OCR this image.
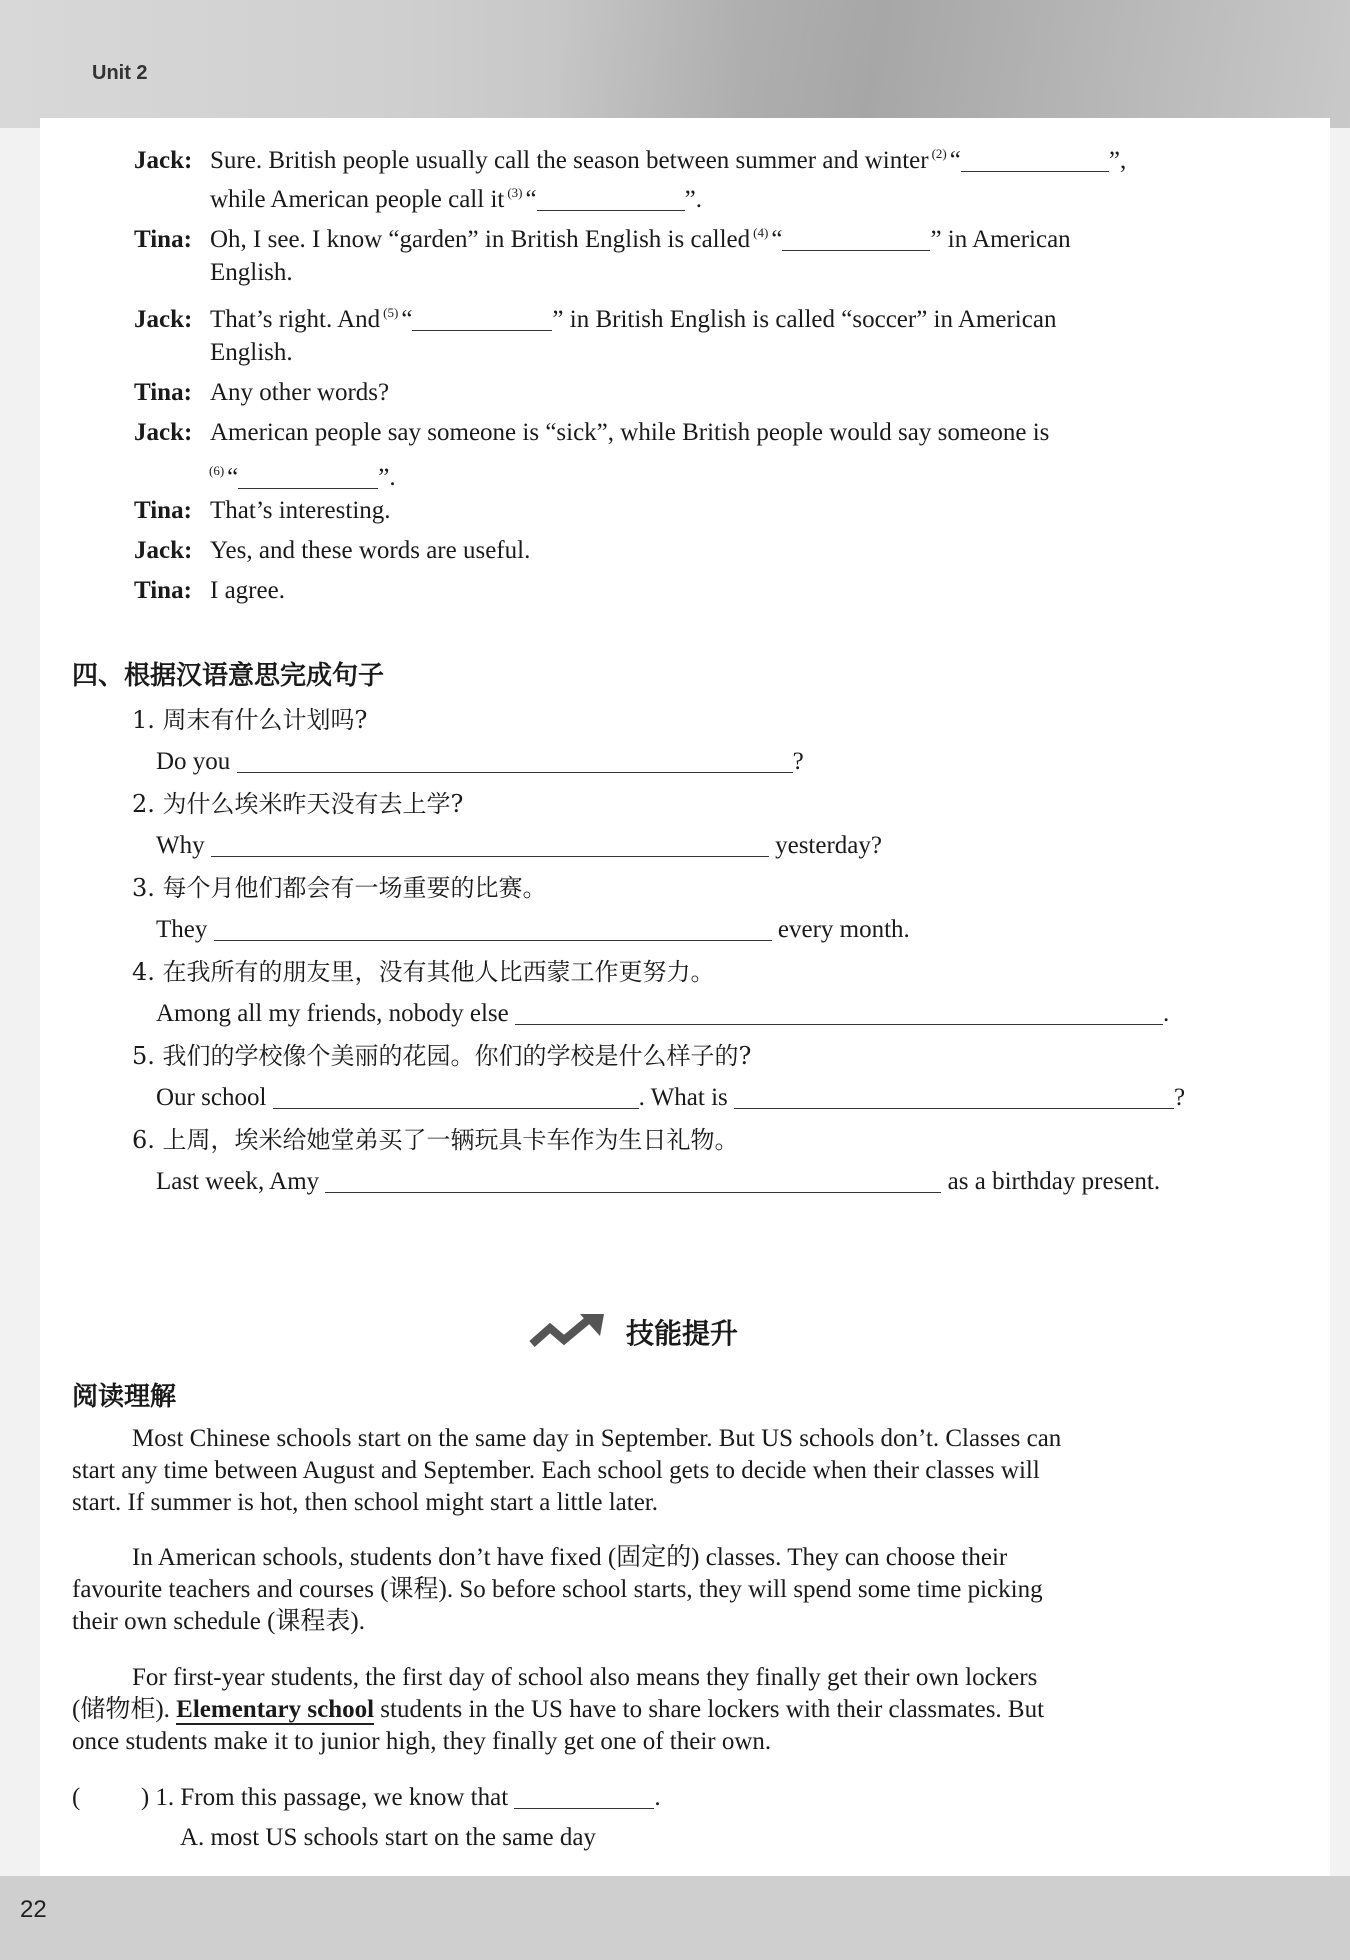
Unit 2
22
Jack: Sure. British people usually call the season between summer and winter $^{(2)}$ “	”,
while American people call it $^{(3)}$ “	”.
Tina: Oh, I see. I know “garden” in British English is called $^{(4)}$ “	” in American
English.
Jack: That’s right. And $^{(5)}$ “	” in British English is called “soccer” in American
English.
Tina: Any other words?
Jack: American people say someone is “sick”, while British people would say someone is
$^{(6)}$ “	”.
Tina: That’s interesting.
Jack: Yes, and these words are useful.
Tina: I agree.
四、根据汉语意思完成句子
1. 周末有什么计划吗?
Do you	?
2. 为什么埃米昨天没有去上学?
Why	yesterday?
3. 每个月他们都会有一场重要的比赛。
They	every month.
4. 在我所有的朋友里，没有其他人比西蒙工作更努力。
Among all my friends, nobody else	.
5. 我们的学校像个美丽的花园。你们的学校是什么样子的?
Our school	. What is	?
6. 上周，埃米给她堂弟买了一辆玩具卡车作为生日礼物。
Last week, Amy	as a birthday present.
技能提升
阅读理解
Most Chinese schools start on the same day in September. But US schools don’t. Classes can
start any time between August and September. Each school gets to decide when their classes will
start. If summer is hot, then school might start a little later.
In American schools, students don’t have fixed (固定的) classes. They can choose their
favourite teachers and courses (课程). So before school starts, they will spend some time picking
their own schedule (课程表).
For first-year students, the first day of school also means they finally get their own lockers
(储物柜). Elementary school students in the US have to share lockers with their classmates. But
once students make it to junior high, they finally get one of their own.
( ) 1. From this passage, we know that	.
A. most US schools start on the same day
